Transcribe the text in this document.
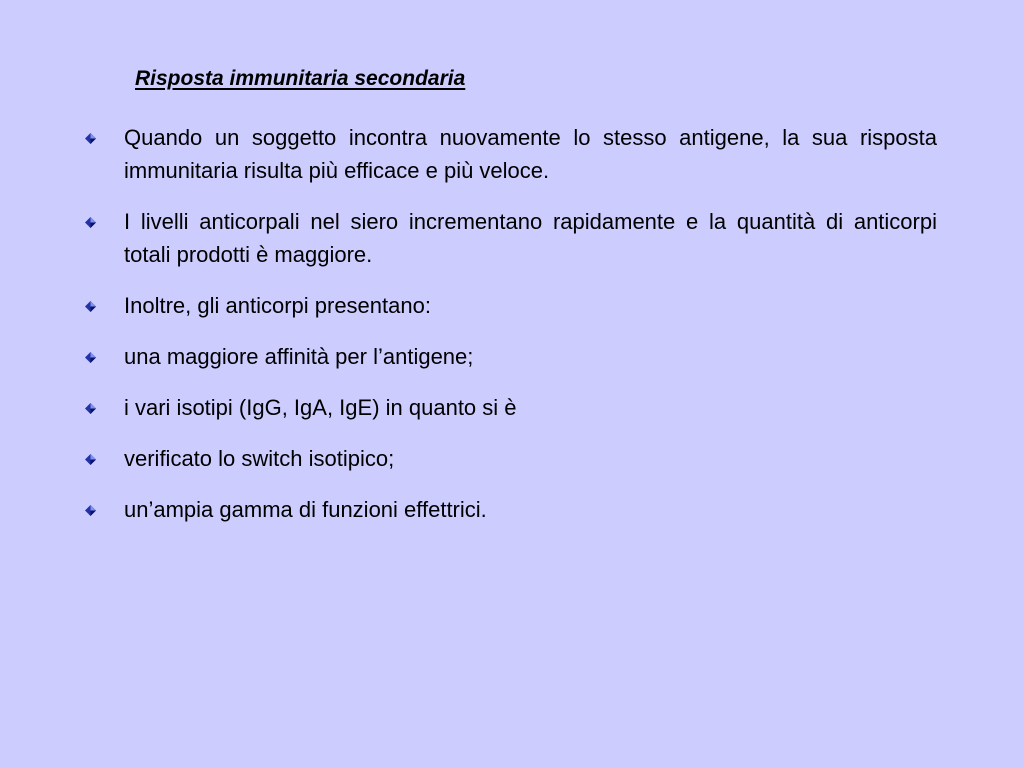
Risposta immunitaria secondaria
Quando un soggetto incontra nuovamente lo stesso antigene, la sua risposta immunitaria risulta più efficace e più veloce.
I livelli anticorpali nel siero incrementano rapidamente e la quantità di anticorpi totali prodotti è maggiore.
Inoltre, gli anticorpi presentano:
una maggiore affinità per l’antigene;
i vari isotipi (IgG, IgA, IgE) in quanto si è
verificato lo switch isotipico;
un’ampia gamma di funzioni effettrici.
